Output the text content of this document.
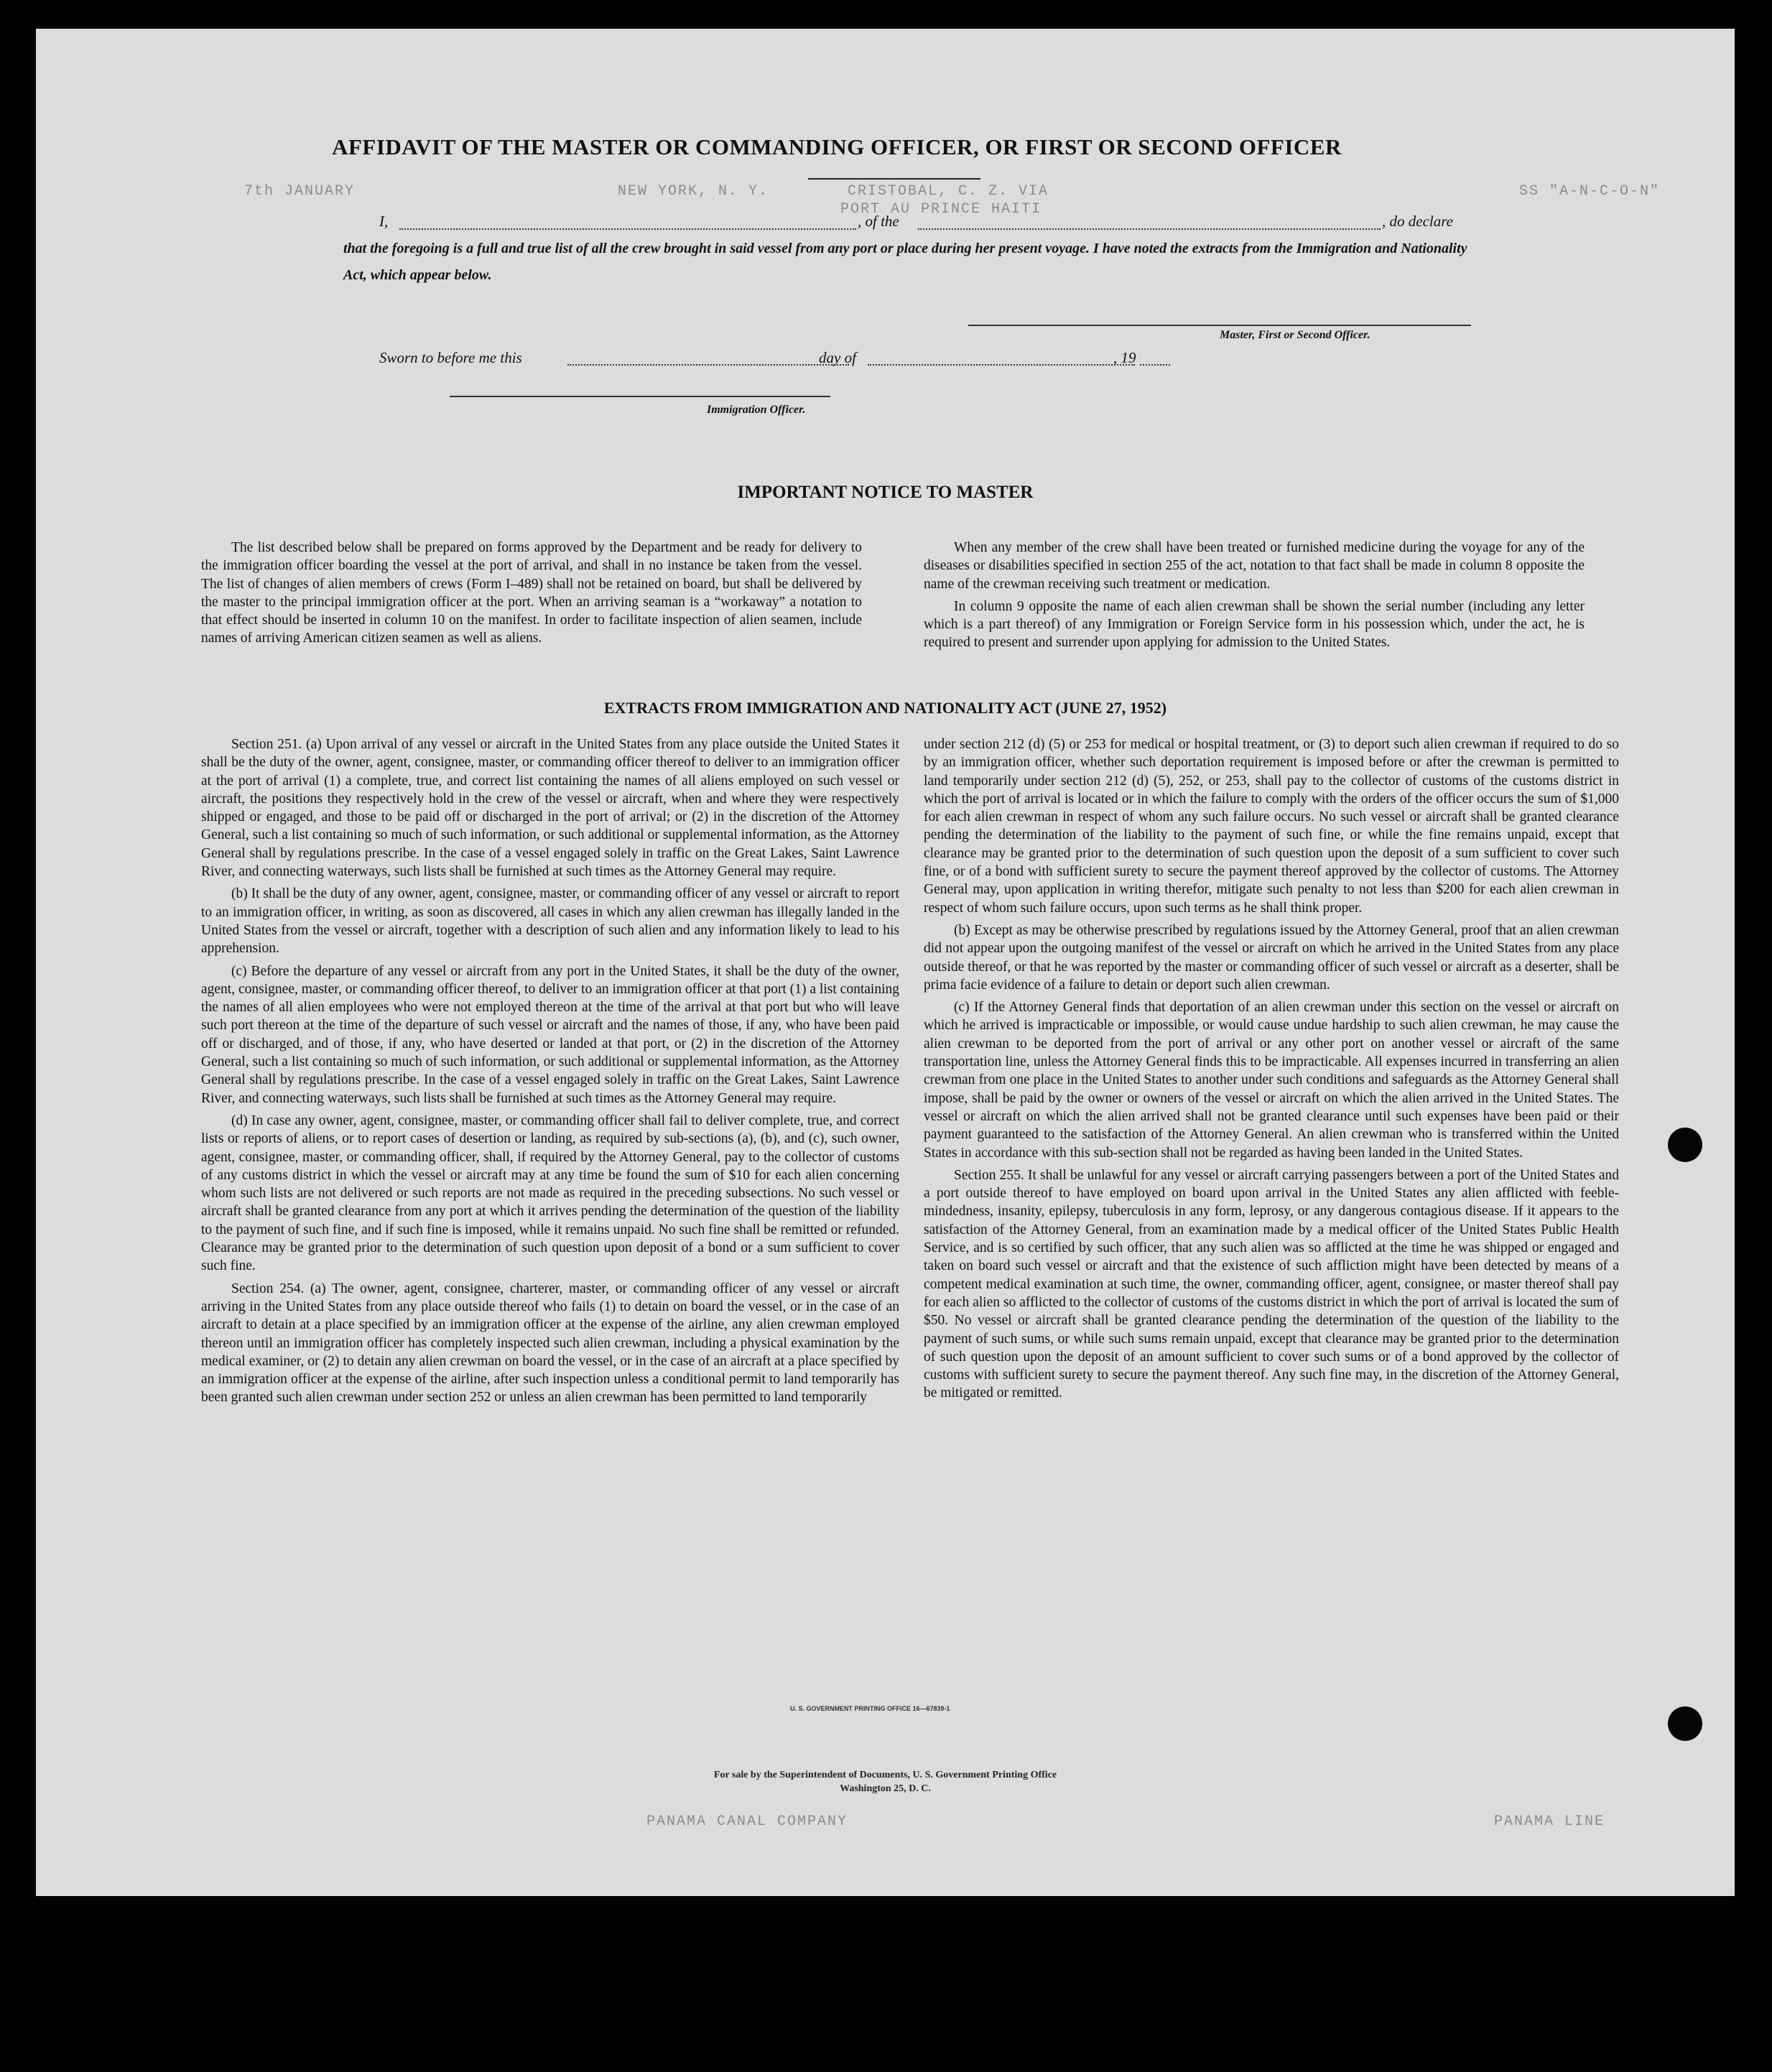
CRISTOBAL, C. Z. VIA
PORT AU PRINCE HAITI
NEW YORK, N. Y.
7th JANUARY	SS "A-N-C-O-N"
PANAMA CANAL COMPANY	PANAMA LINE
AFFIDAVIT OF THE MASTER OR COMMANDING OFFICER, OR FIRST OR SECOND OFFICER
I,	, of the	, do declare
that the foregoing is a full and true list of all the crew brought in said vessel from any port or place during her present voyage. I have noted the extracts from the Immigration and Nationality Act, which appear below.
Master, First or Second Officer.
Sworn to before me this	day of	, 19
Immigration Officer.
IMPORTANT NOTICE TO MASTER

The list described below shall be prepared on forms approved by the Department and be ready for delivery to the immigration officer boarding the vessel at the port of arrival, and shall in no instance be taken from the vessel. The list of changes of alien members of crews (Form I–489) shall not be retained on board, but shall be delivered by the master to the principal immigration officer at the port. When an arriving seaman is a “workaway” a notation to that effect should be inserted in column 10 on the manifest. In order to facilitate inspection of alien seamen, include names of arriving American citizen seamen as well as aliens.

When any member of the crew shall have been treated or furnished medicine during the voyage for any of the diseases or disabilities specified in section 255 of the act, notation to that fact shall be made in column 8 opposite the name of the crewman receiving such treatment or medication.

In column 9 opposite the name of each alien crewman shall be shown the serial number (including any letter which is a part thereof) of any Immigration or Foreign Service form in his possession which, under the act, he is required to present and surrender upon applying for admission to the United States.

EXTRACTS FROM IMMIGRATION AND NATIONALITY ACT (JUNE 27, 1952)

Section 251. (a) Upon arrival of any vessel or aircraft in the United States from any place outside the United States it shall be the duty of the owner, agent, consignee, master, or commanding officer thereof to deliver to an immigration officer at the port of arrival (1) a complete, true, and correct list containing the names of all aliens employed on such vessel or aircraft, the positions they respectively hold in the crew of the vessel or aircraft, when and where they were respectively shipped or engaged, and those to be paid off or discharged in the port of arrival; or (2) in the discretion of the Attorney General, such a list containing so much of such information, or such additional or supplemental information, as the Attorney General shall by regulations prescribe. In the case of a vessel engaged solely in traffic on the Great Lakes, Saint Lawrence River, and connecting waterways, such lists shall be furnished at such times as the Attorney General may require.

(b) It shall be the duty of any owner, agent, consignee, master, or commanding officer of any vessel or aircraft to report to an immigration officer, in writing, as soon as discovered, all cases in which any alien crewman has illegally landed in the United States from the vessel or aircraft, together with a description of such alien and any information likely to lead to his apprehension.

(c) Before the departure of any vessel or aircraft from any port in the United States, it shall be the duty of the owner, agent, consignee, master, or commanding officer thereof, to deliver to an immigration officer at that port (1) a list containing the names of all alien employees who were not employed thereon at the time of the arrival at that port but who will leave such port thereon at the time of the departure of such vessel or aircraft and the names of those, if any, who have been paid off or discharged, and of those, if any, who have deserted or landed at that port, or (2) in the discretion of the Attorney General, such a list containing so much of such information, or such additional or supplemental information, as the Attorney General shall by regulations prescribe. In the case of a vessel engaged solely in traffic on the Great Lakes, Saint Lawrence River, and connecting waterways, such lists shall be furnished at such times as the Attorney General may require.

(d) In case any owner, agent, consignee, master, or commanding officer shall fail to deliver complete, true, and correct lists or reports of aliens, or to report cases of desertion or landing, as required by sub-sections (a), (b), and (c), such owner, agent, consignee, master, or commanding officer, shall, if required by the Attorney General, pay to the collector of customs of any customs district in which the vessel or aircraft may at any time be found the sum of $10 for each alien concerning whom such lists are not delivered or such reports are not made as required in the preceding subsections. No such vessel or aircraft shall be granted clearance from any port at which it arrives pending the determination of the question of the liability to the payment of such fine, and if such fine is imposed, while it remains unpaid. No such fine shall be remitted or refunded. Clearance may be granted prior to the determination of such question upon deposit of a bond or a sum sufficient to cover such fine.

Section 254. (a) The owner, agent, consignee, charterer, master, or commanding officer of any vessel or aircraft arriving in the United States from any place outside thereof who fails (1) to detain on board the vessel, or in the case of an aircraft to detain at a place specified by an immigration officer at the expense of the airline, any alien crewman employed thereon until an immigration officer has completely inspected such alien crewman, including a physical examination by the medical examiner, or (2) to detain any alien crewman on board the vessel, or in the case of an aircraft at a place specified by an immigration officer at the expense of the airline, after such inspection unless a conditional permit to land temporarily has been granted such alien crewman under section 252 or unless an alien crewman has been permitted to land temporarily

under section 212 (d) (5) or 253 for medical or hospital treatment, or (3) to deport such alien crewman if required to do so by an immigration officer, whether such deportation requirement is imposed before or after the crewman is permitted to land temporarily under section 212 (d) (5), 252, or 253, shall pay to the collector of customs of the customs district in which the port of arrival is located or in which the failure to comply with the orders of the officer occurs the sum of $1,000 for each alien crewman in respect of whom any such failure occurs. No such vessel or aircraft shall be granted clearance pending the determination of the liability to the payment of such fine, or while the fine remains unpaid, except that clearance may be granted prior to the determination of such question upon the deposit of a sum sufficient to cover such fine, or of a bond with sufficient surety to secure the payment thereof approved by the collector of customs. The Attorney General may, upon application in writing therefor, mitigate such penalty to not less than $200 for each alien crewman in respect of whom such failure occurs, upon such terms as he shall think proper.

(b) Except as may be otherwise prescribed by regulations issued by the Attorney General, proof that an alien crewman did not appear upon the outgoing manifest of the vessel or aircraft on which he arrived in the United States from any place outside thereof, or that he was reported by the master or commanding officer of such vessel or aircraft as a deserter, shall be prima facie evidence of a failure to detain or deport such alien crewman.

(c) If the Attorney General finds that deportation of an alien crewman under this section on the vessel or aircraft on which he arrived is impracticable or impossible, or would cause undue hardship to such alien crewman, he may cause the alien crewman to be deported from the port of arrival or any other port on another vessel or aircraft of the same transportation line, unless the Attorney General finds this to be impracticable. All expenses incurred in transferring an alien crewman from one place in the United States to another under such conditions and safeguards as the Attorney General shall impose, shall be paid by the owner or owners of the vessel or aircraft on which the alien arrived in the United States. The vessel or aircraft on which the alien arrived shall not be granted clearance until such expenses have been paid or their payment guaranteed to the satisfaction of the Attorney General. An alien crewman who is transferred within the United States in accordance with this sub-section shall not be regarded as having been landed in the United States.

Section 255. It shall be unlawful for any vessel or aircraft carrying passengers between a port of the United States and a port outside thereof to have employed on board upon arrival in the United States any alien afflicted with feeble-mindedness, insanity, epilepsy, tuberculosis in any form, leprosy, or any dangerous contagious disease. If it appears to the satisfaction of the Attorney General, from an examination made by a medical officer of the United States Public Health Service, and is so certified by such officer, that any such alien was so afflicted at the time he was shipped or engaged and taken on board such vessel or aircraft and that the existence of such affliction might have been detected by means of a competent medical examination at such time, the owner, commanding officer, agent, consignee, or master thereof shall pay for each alien so afflicted to the collector of customs of the customs district in which the port of arrival is located the sum of $50. No vessel or aircraft shall be granted clearance pending the determination of the question of the liability to the payment of such sums, or while such sums remain unpaid, except that clearance may be granted prior to the determination of such question upon the deposit of an amount sufficient to cover such sums or of a bond approved by the collector of customs with sufficient surety to secure the payment thereof. Any such fine may, in the discretion of the Attorney General, be mitigated or remitted.

U. S. GOVERNMENT PRINTING OFFICE 16—67839-1
For sale by the Superintendent of Documents, U. S. Government Printing Office
Washington 25, D. C.
